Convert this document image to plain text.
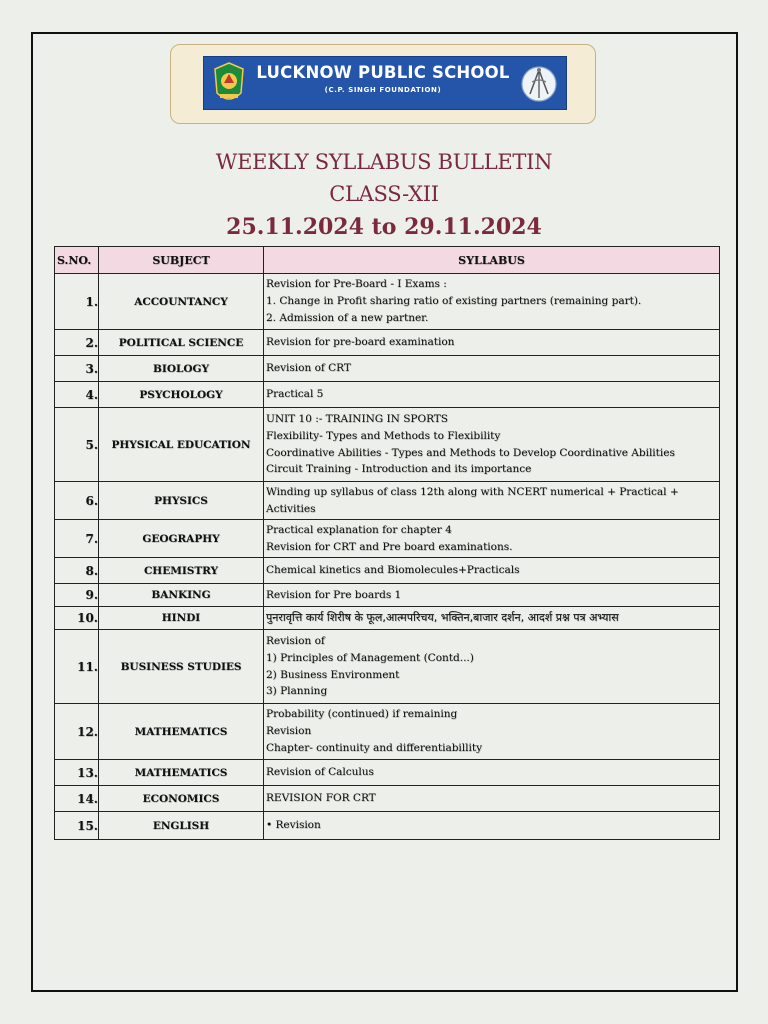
LUCKNOW PUBLIC SCHOOL
(C.P. SINGH FOUNDATION)
WEEKLY SYLLABUS BULLETIN
CLASS-XII
25.11.2024 to 29.11.2024
S.NO.	SUBJECT	SYLLABUS
1.	ACCOUNTANCY	Revision for Pre-Board - I Exams :
1. Change in Profit sharing ratio of existing partners (remaining part).
2. Admission of a new partner.

2.	POLITICAL SCIENCE	Revision for pre-board examination

3.	BIOLOGY	Revision of CRT

4.	PSYCHOLOGY	Practical 5

5.	PHYSICAL EDUCATION	UNIT 10 :- TRAINING IN SPORTS
Flexibility- Types and Methods to Flexibility
Coordinative Abilities - Types and Methods to Develop Coordinative Abilities
Circuit Training - Introduction and its importance

6.	PHYSICS	Winding up syllabus of class 12th along with NCERT numerical + Practical +
Activities

7.	GEOGRAPHY	Practical explanation for chapter 4
Revision for CRT and Pre board examinations.

8.	CHEMISTRY	Chemical kinetics and Biomolecules+Practicals

9.	BANKING	Revision for Pre boards 1

10.	HINDI	पुनरावृत्ति कार्य शिरीष के फूल,आत्मपरिचय, भक्तिन,बाजार दर्शन, आदर्श प्रश्न पत्र अभ्यास

11.	BUSINESS STUDIES	Revision of
1) Principles of Management (Contd...)
2) Business Environment
3) Planning

12.	MATHEMATICS	Probability (continued) if remaining
Revision
Chapter- continuity and differentiabillity

13.	MATHEMATICS	Revision of Calculus

14.	ECONOMICS	REVISION FOR CRT

15.	ENGLISH	• Revision
